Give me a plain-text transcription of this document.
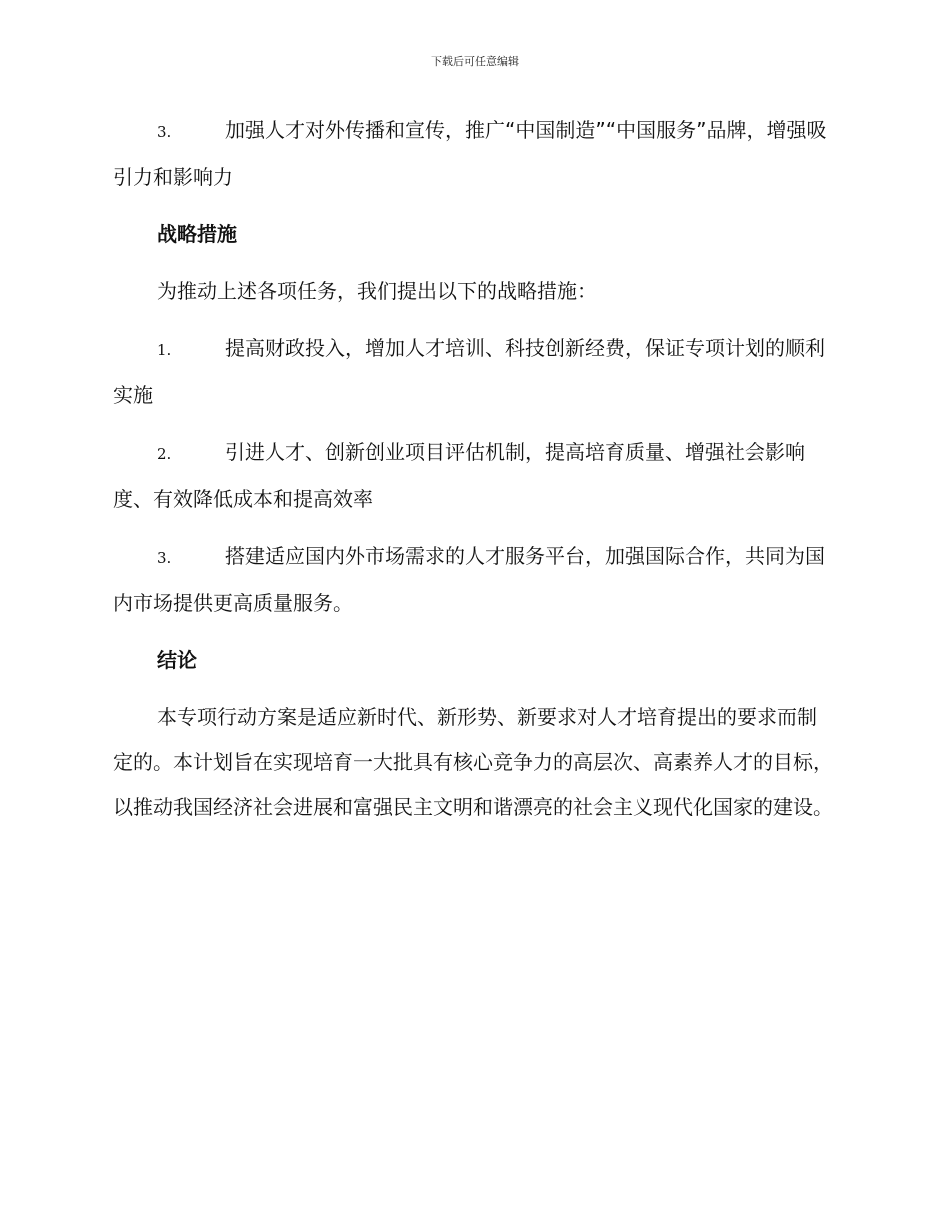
下载后可任意编辑

3.	加强人才对外传播和宣传，推广“中国制造”“中国服务”品牌，增强吸引力和影响力

战略措施

为推动上述各项任务，我们提出以下的战略措施：

1.	提高财政投入，增加人才培训、科技创新经费，保证专项计划的顺利实施

2.	引进人才、创新创业项目评估机制，提高培育质量、增强社会影响度、有效降低成本和提高效率

3.	搭建适应国内外市场需求的人才服务平台，加强国际合作，共同为国内市场提供更高质量服务。

结论

本专项行动方案是适应新时代、新形势、新要求对人才培育提出的要求而制定的。本计划旨在实现培育一大批具有核心竞争力的高层次、高素养人才的目标，以推动我国经济社会进展和富强民主文明和谐漂亮的社会主义现代化国家的建设。
